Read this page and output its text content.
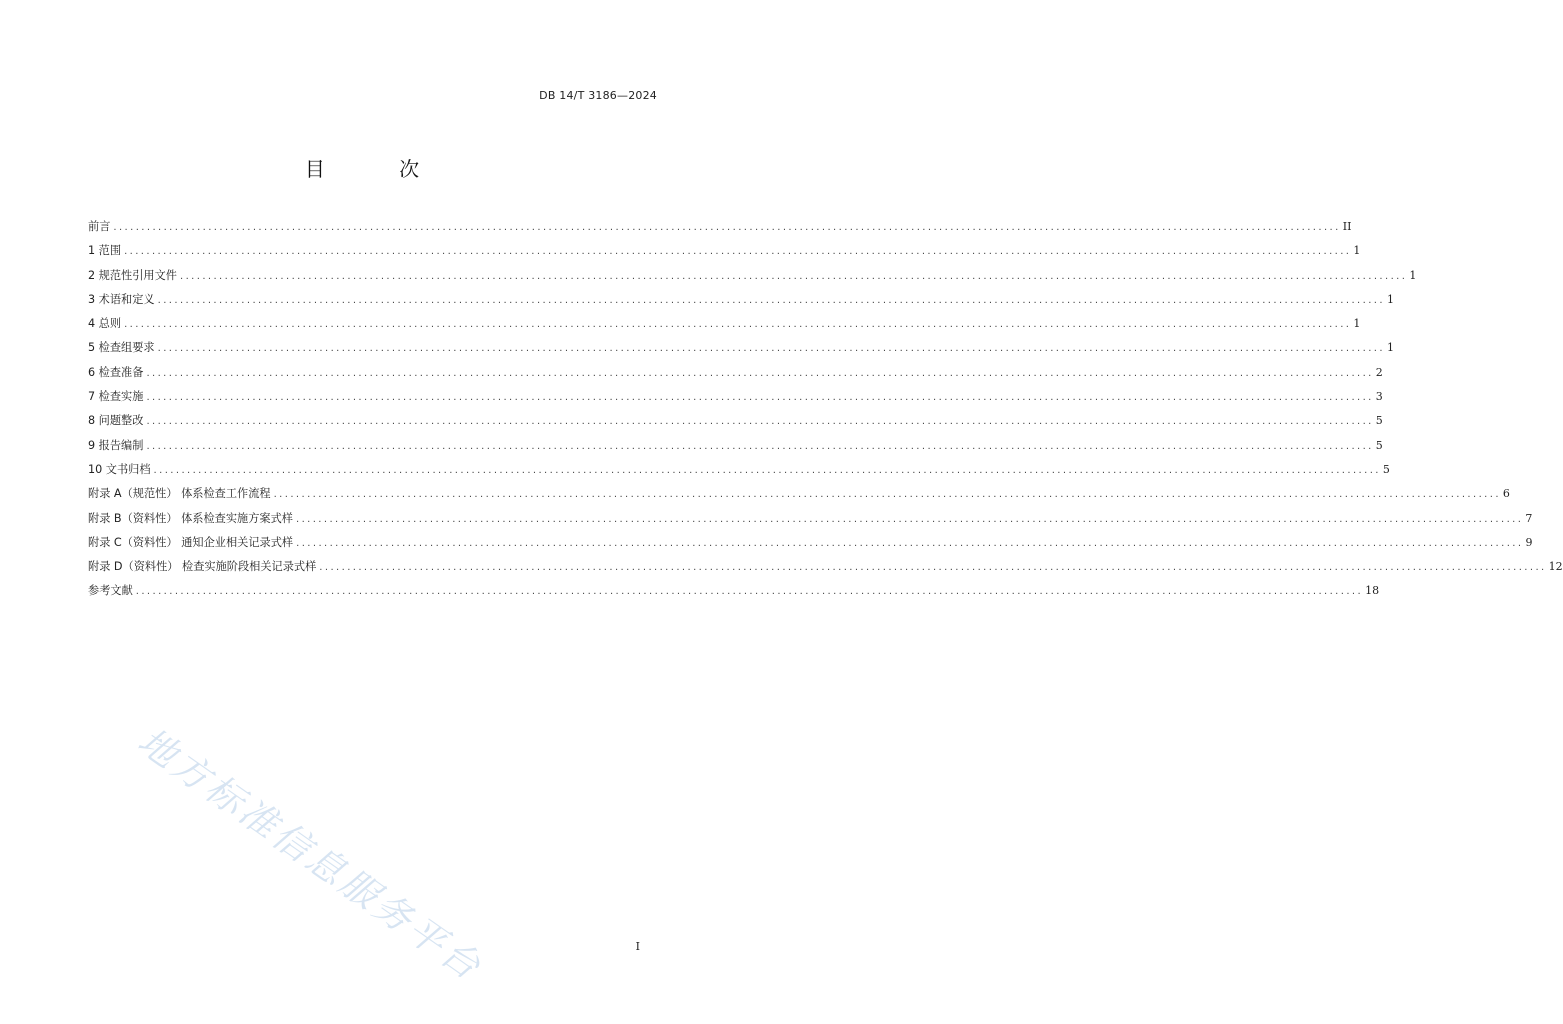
DB 14/T 3186—2024
目 次
前言 ............................................................................................................................................................................................................................ II
1 范围 ............................................................................................................................................................................................................................ 1
2 规范性引用文件 ............................................................................................................................................................................................................................ 1
3 术语和定义 ............................................................................................................................................................................................................................ 1
4 总则 ............................................................................................................................................................................................................................ 1
5 检查组要求 ............................................................................................................................................................................................................................ 1
6 检查准备 ............................................................................................................................................................................................................................ 2
7 检查实施 ............................................................................................................................................................................................................................ 3
8 问题整改 ............................................................................................................................................................................................................................ 5
9 报告编制 ............................................................................................................................................................................................................................ 5
10 文书归档 ............................................................................................................................................................................................................................ 5
附录 A（规范性） 体系检查工作流程 ............................................................................................................................................................................................................................ 6
附录 B（资料性） 体系检查实施方案式样 ............................................................................................................................................................................................................................ 7
附录 C（资料性） 通知企业相关记录式样 ............................................................................................................................................................................................................................ 9
附录 D（资料性） 检查实施阶段相关记录式样 ............................................................................................................................................................................................................................ 12
参考文献 ............................................................................................................................................................................................................................ 18
地方标准信息服务平台	I
